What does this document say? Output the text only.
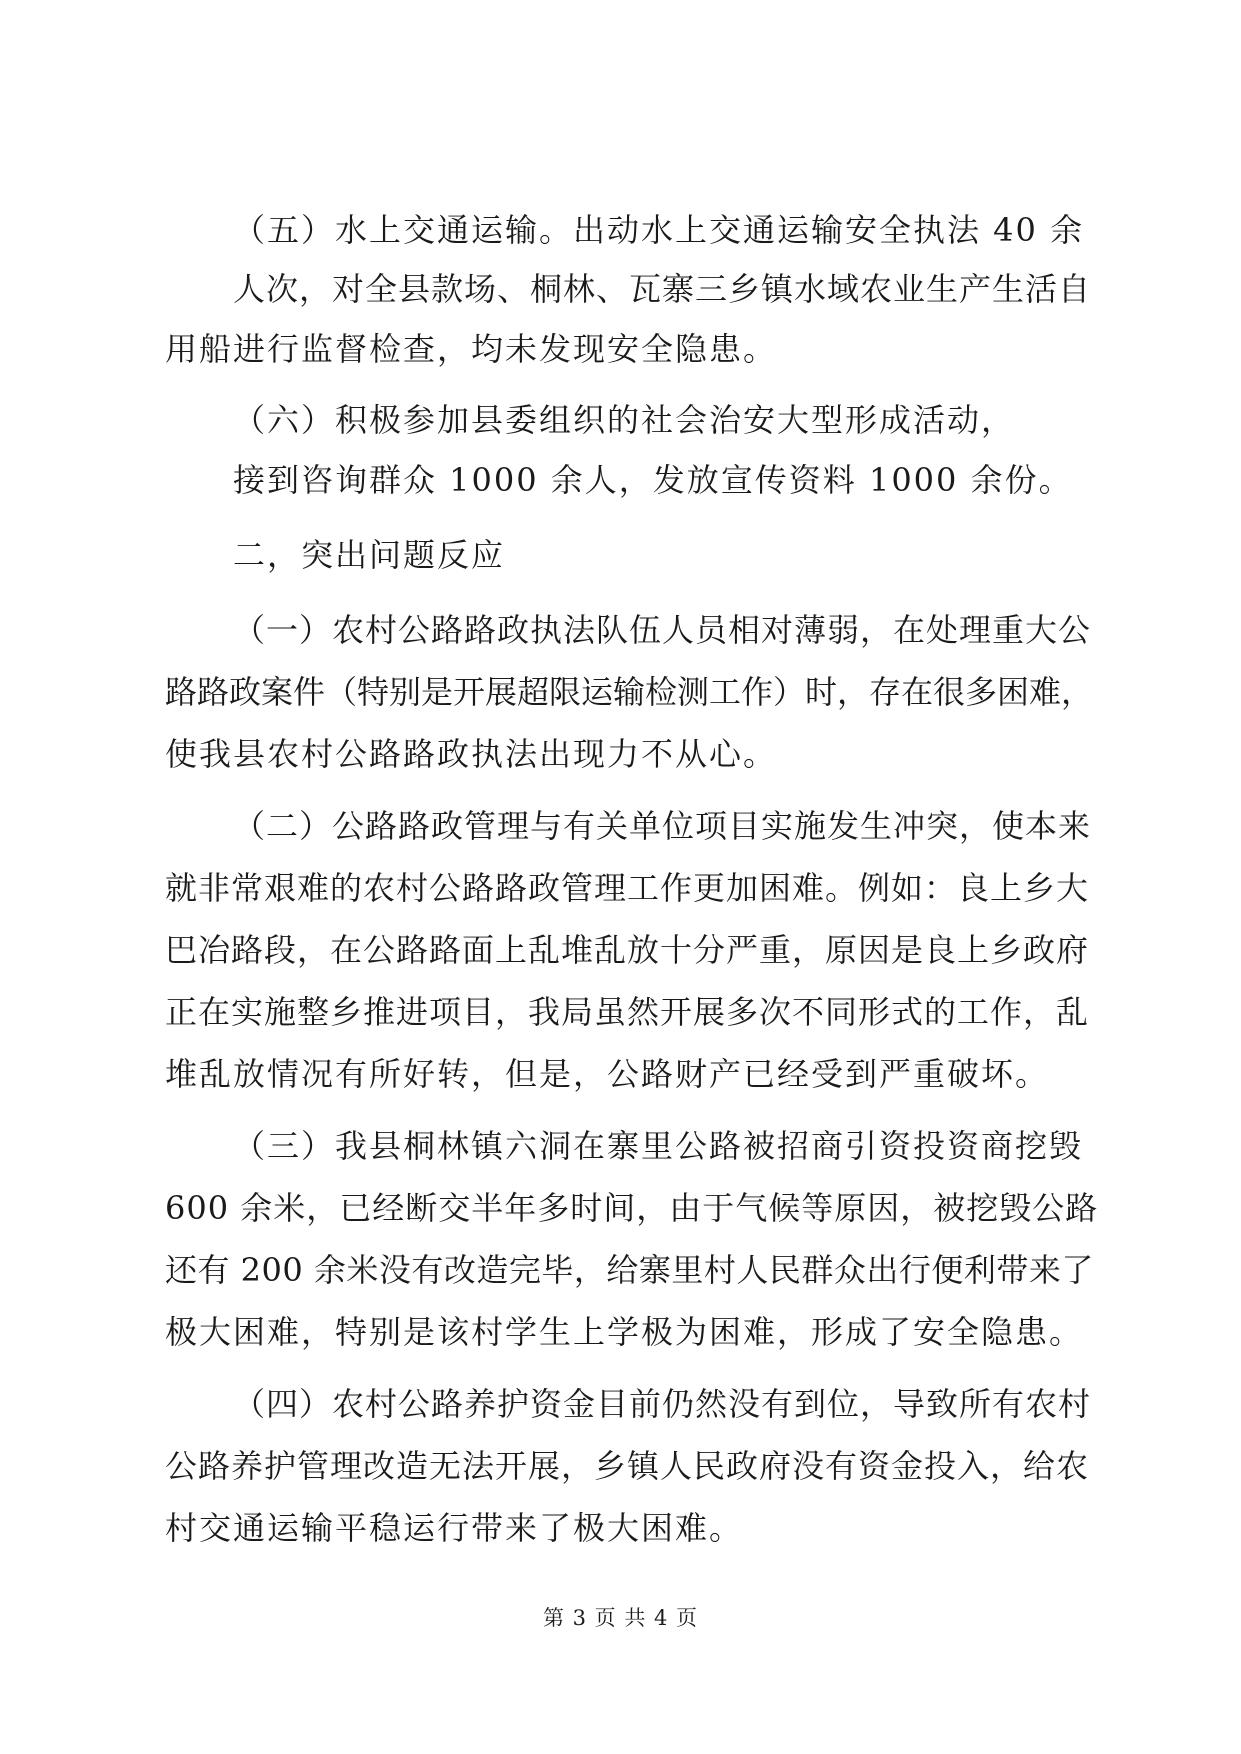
（五）水上交通运输。出动水上交通运输安全执法 40 余
人次，对全县款场、桐林、瓦寨三乡镇水域农业生产生活自
用船进行监督检查，均未发现安全隐患。
（六）积极参加县委组织的社会治安大型形成活动，
接到咨询群众 1000 余人，发放宣传资料 1000 余份。
二，突出问题反应
（一）农村公路路政执法队伍人员相对薄弱，在处理重大公
路路政案件（特别是开展超限运输检测工作）时，存在很多困难，
使我县农村公路路政执法出现力不从心。
（二）公路路政管理与有关单位项目实施发生冲突，使本来
就非常艰难的农村公路路政管理工作更加困难。例如：良上乡大
巴冶路段，在公路路面上乱堆乱放十分严重，原因是良上乡政府
正在实施整乡推进项目，我局虽然开展多次不同形式的工作，乱
堆乱放情况有所好转，但是，公路财产已经受到严重破坏。
（三）我县桐林镇六洞在寨里公路被招商引资投资商挖毁
600 余米，已经断交半年多时间，由于气候等原因，被挖毁公路
还有 200 余米没有改造完毕，给寨里村人民群众出行便利带来了
极大困难，特别是该村学生上学极为困难，形成了安全隐患。
（四）农村公路养护资金目前仍然没有到位，导致所有农村
公路养护管理改造无法开展，乡镇人民政府没有资金投入，给农
村交通运输平稳运行带来了极大困难。
第 3 页 共 4 页
